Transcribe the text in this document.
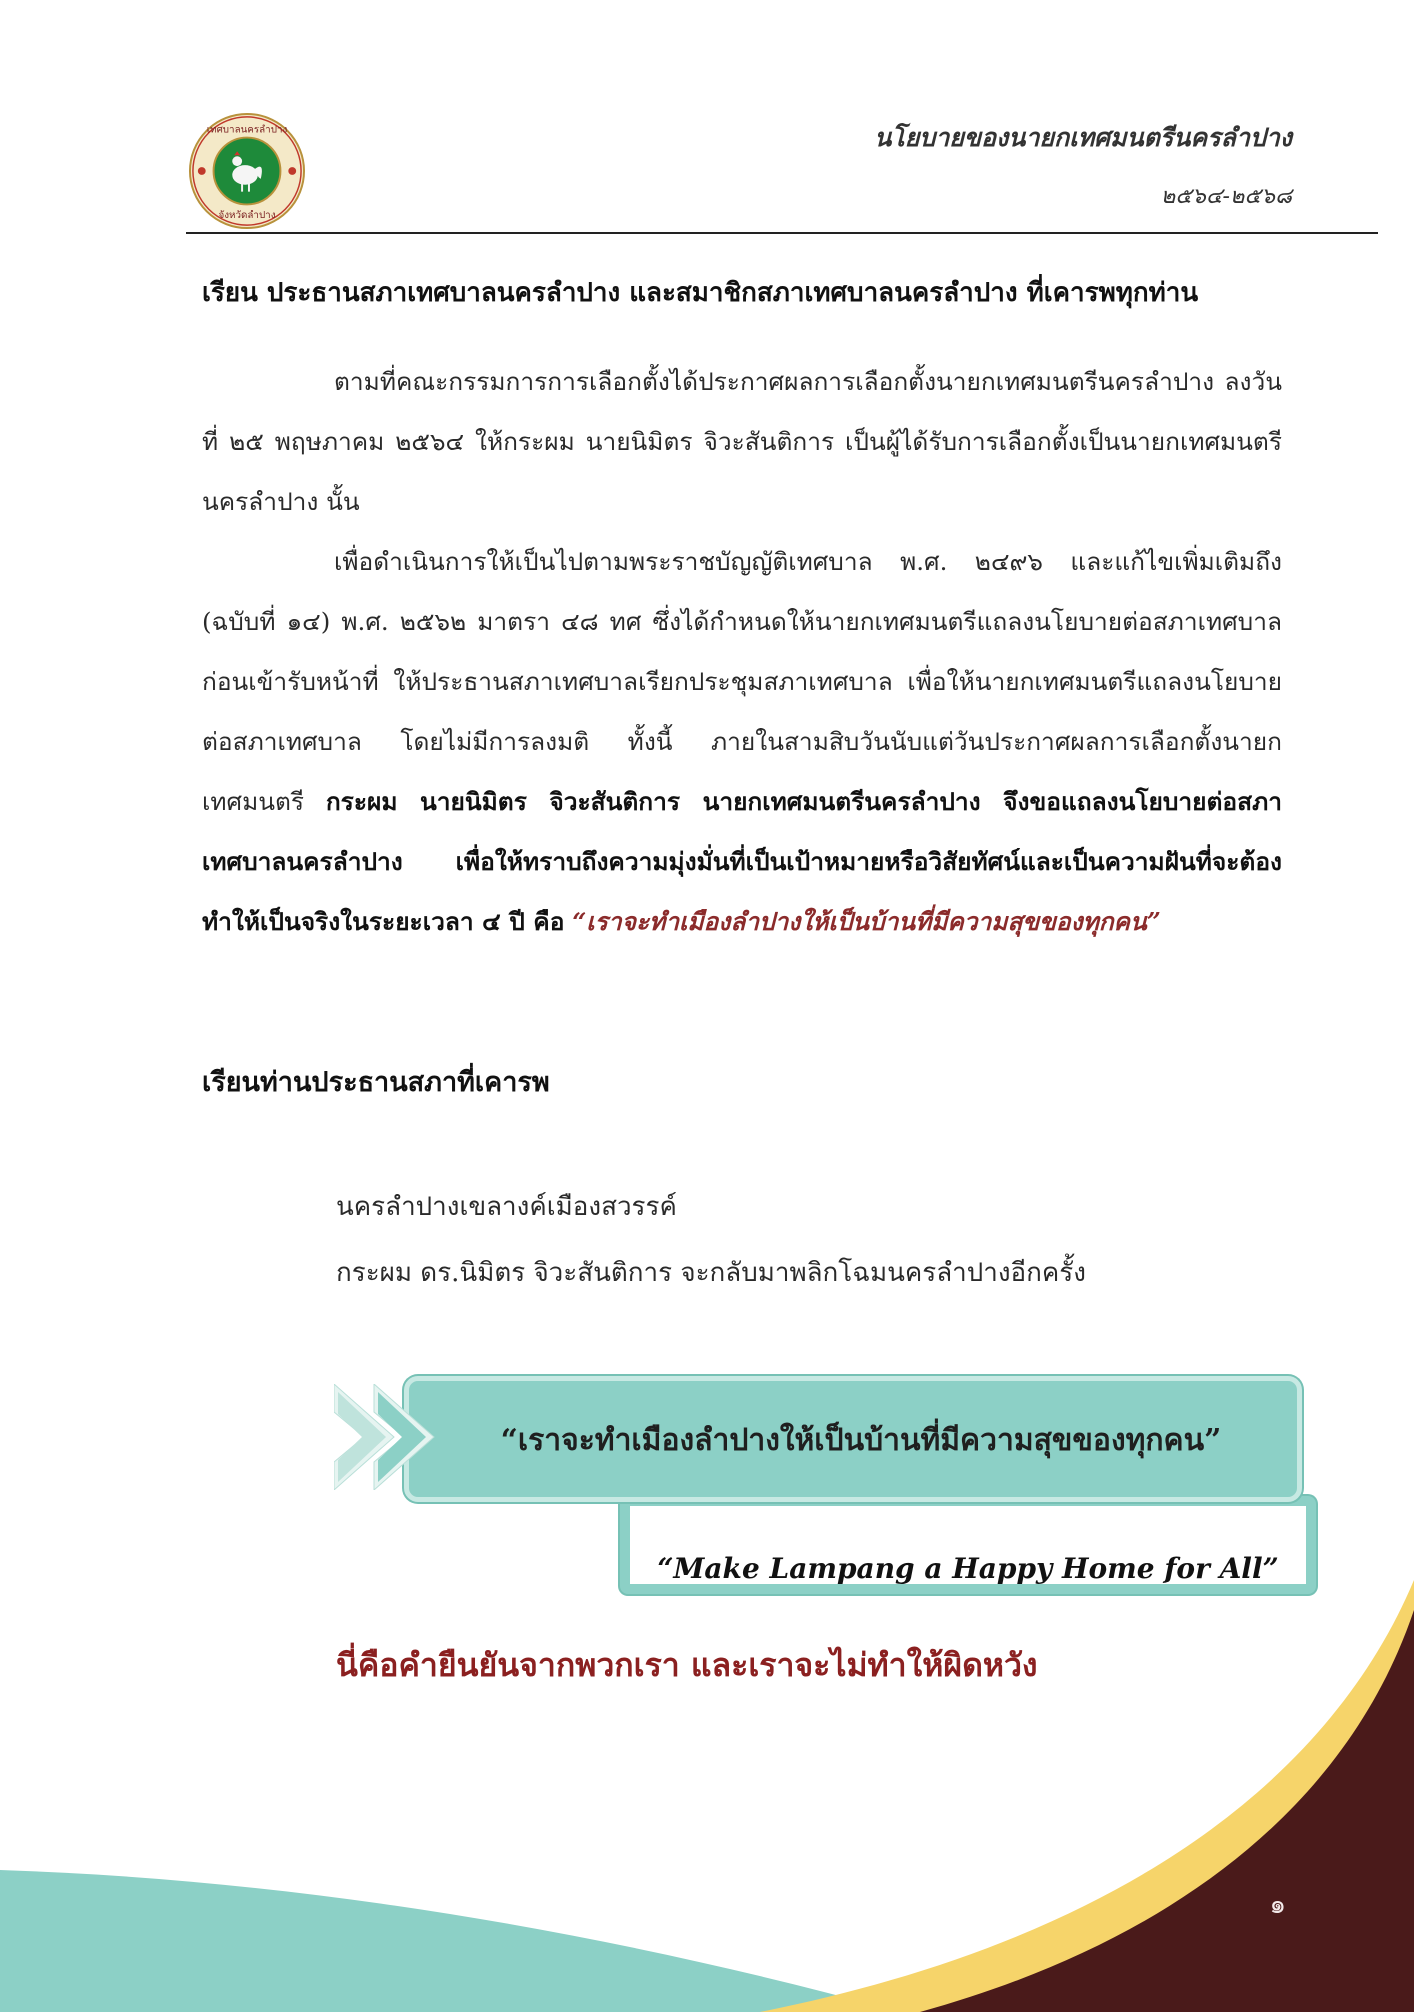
เทศบาลนครลำปาง
จังหวัดลำปาง
นโยบายของนายกเทศมนตรีนครลำปาง
๒๕๖๔-๒๕๖๘
เรียน ประธานสภาเทศบาลนครลำปาง และสมาชิกสภาเทศบาลนครลำปาง ที่เคารพทุกท่าน

ตามที่คณะกรรมการการเลือกตั้งได้ประกาศผลการเลือกตั้งนายกเทศมนตรีนครลำปาง ลงวันที่ ๒๕ พฤษภาคม ๒๕๖๔ ให้กระผม นายนิมิตร จิวะสันติการ เป็นผู้ได้รับการเลือกตั้งเป็นนายกเทศมนตรีนครลำปาง นั้น

เพื่อดำเนินการให้เป็นไปตามพระราชบัญญัติเทศบาล พ.ศ. ๒๔๙๖ และแก้ไขเพิ่มเติมถึง (ฉบับที่ ๑๔) พ.ศ. ๒๕๖๒ มาตรา ๔๘ ทศ ซึ่งได้กำหนดให้นายกเทศมนตรีแถลงนโยบายต่อสภาเทศบาลก่อนเข้ารับหน้าที่ ให้ประธานสภาเทศบาลเรียกประชุมสภาเทศบาล เพื่อให้นายกเทศมนตรีแถลงนโยบายต่อสภาเทศบาล โดยไม่มีการลงมติ ทั้งนี้ ภายในสามสิบวันนับแต่วันประกาศผลการเลือกตั้งนายกเทศมนตรี กระผม นายนิมิตร จิวะสันติการ นายกเทศมนตรีนครลำปาง จึงขอแถลงนโยบายต่อสภาเทศบาลนครลำปาง เพื่อให้ทราบถึงความมุ่งมั่นที่เป็นเป้าหมายหรือวิสัยทัศน์และเป็นความฝันที่จะต้องทำให้เป็นจริงในระยะเวลา ๔ ปี คือ “เราจะทำเมืองลำปางให้เป็นบ้านที่มีความสุขของทุกคน”

เรียนท่านประธานสภาที่เคารพ
นครลำปางเขลางค์เมืองสวรรค์
กระผม ดร.นิมิตร จิวะสันติการ จะกลับมาพลิกโฉมนครลำปางอีกครั้ง
“Make Lampang a Happy Home for All”
“เราจะทำเมืองลำปางให้เป็นบ้านที่มีความสุขของทุกคน”
นี่คือคำยืนยันจากพวกเรา และเราจะไม่ทำให้ผิดหวัง
๑
